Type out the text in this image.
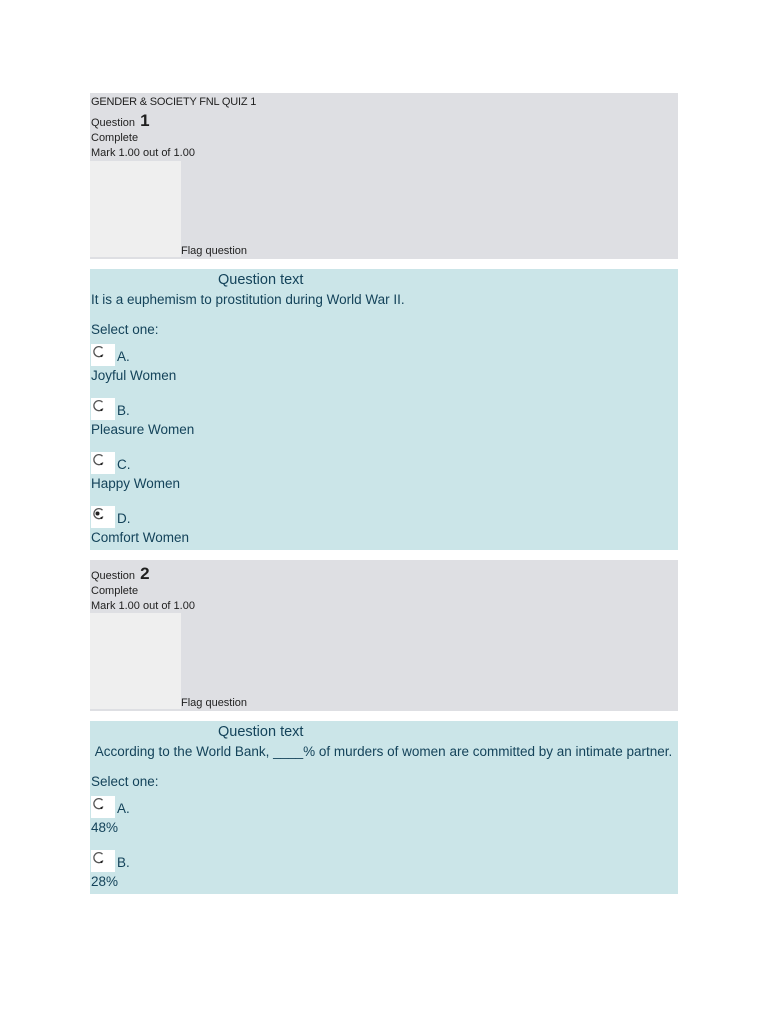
GENDER & SOCIETY FNL QUIZ 1
Question 1
Complete
Mark 1.00 out of 1.00
Flag question
Question text
It is a euphemism to prostitution during World War II.
Select one:
A.
Joyful Women
B.
Pleasure Women
C.
Happy Women
D.
Comfort Women
Question 2
Complete
Mark 1.00 out of 1.00
Flag question
Question text
According to the World Bank, ____% of murders of women are committed by an intimate partner.
Select one:
A.
48%
B.
28%
